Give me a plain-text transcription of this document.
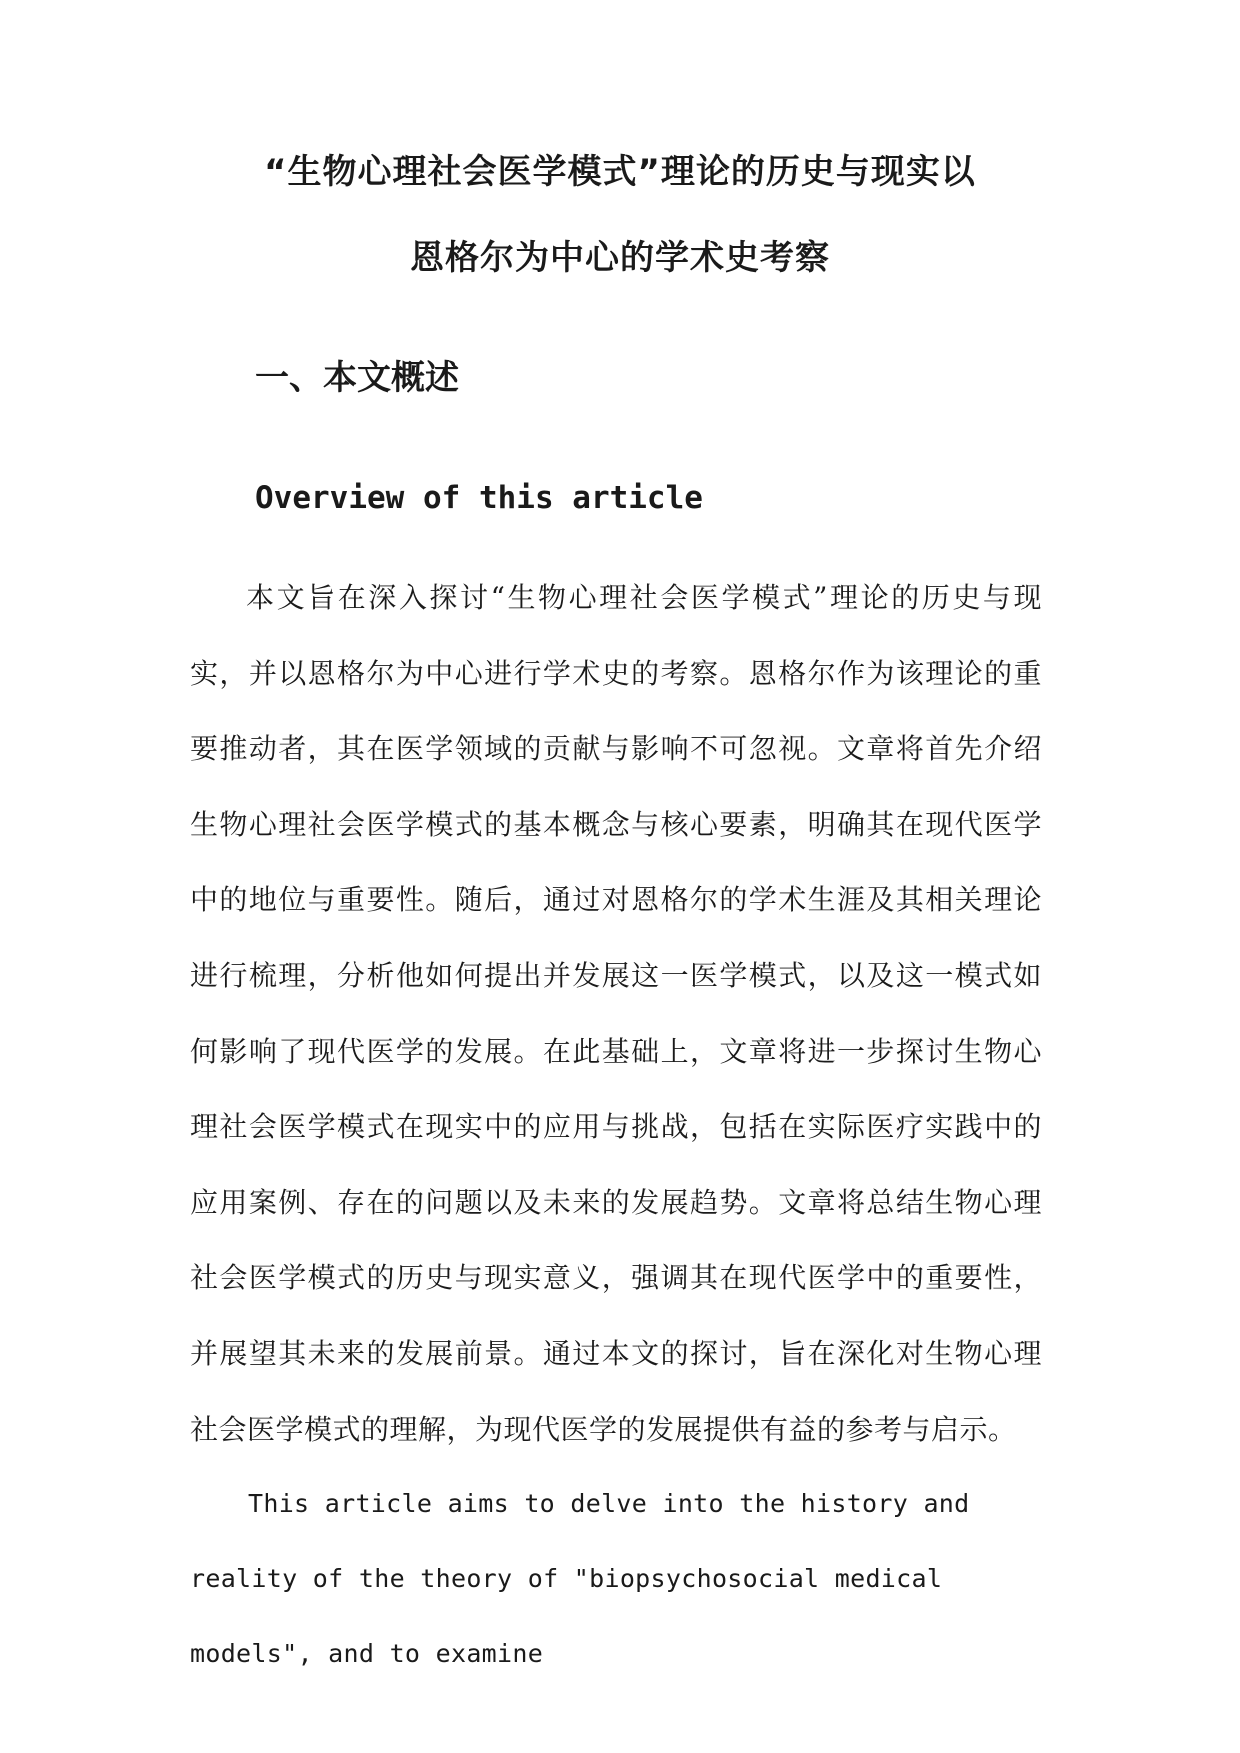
“生物心理社会医学模式”理论的历史与现实以
恩格尔为中心的学术史考察
一、本文概述
Overview of this article

本文旨在深入探讨“生物心理社会医学模式”理论的历史与现实，并以恩格尔为中心进行学术史的考察。恩格尔作为该理论的重要推动者，其在医学领域的贡献与影响不可忽视。文章将首先介绍生物心理社会医学模式的基本概念与核心要素，明确其在现代医学中的地位与重要性。随后，通过对恩格尔的学术生涯及其相关理论进行梳理，分析他如何提出并发展这一医学模式，以及这一模式如何影响了现代医学的发展。在此基础上，文章将进一步探讨生物心理社会医学模式在现实中的应用与挑战，包括在实际医疗实践中的应用案例、存在的问题以及未来的发展趋势。文章将总结生物心理社会医学模式的历史与现实意义，强调其在现代医学中的重要性，并展望其未来的发展前景。通过本文的探讨，旨在深化对生物心理社会医学模式的理解，为现代医学的发展提供有益的参考与启示。

This article aims to delve into the history and reality of the theory of "biopsychosocial medical models", and to examine
